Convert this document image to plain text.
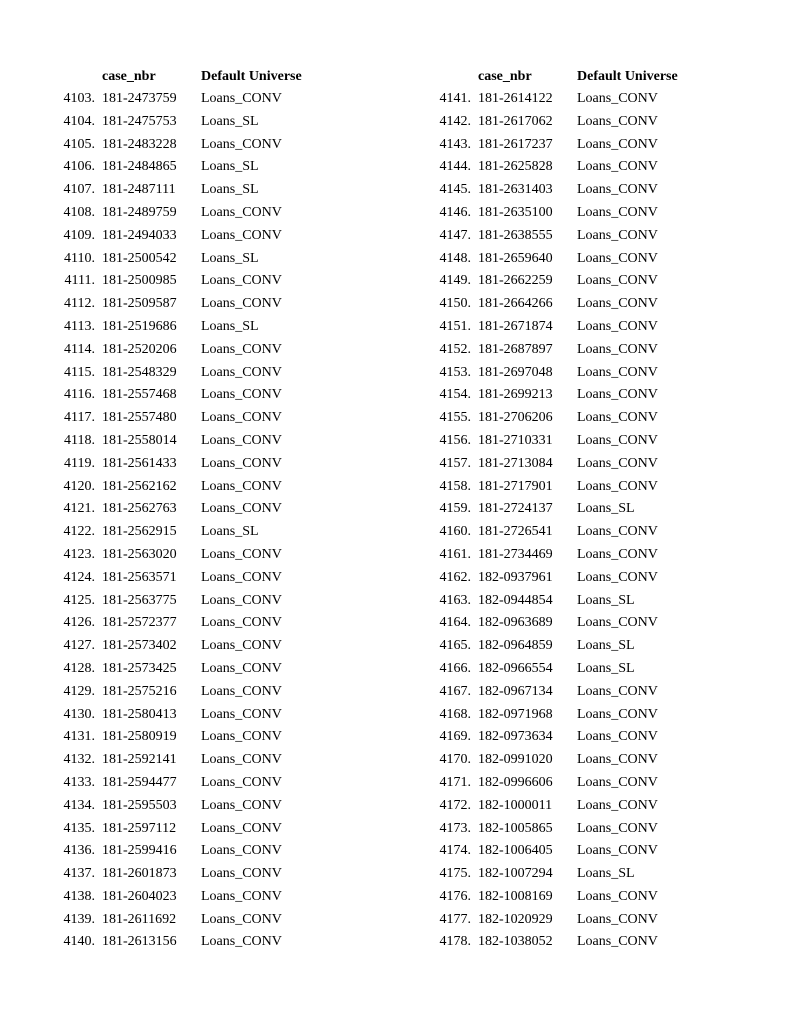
case_nbr	Default Universe
4103. 181-2473759 Loans_CONV
4104. 181-2475753 Loans_SL
4105. 181-2483228 Loans_CONV
4106. 181-2484865 Loans_SL
4107. 181-2487111 Loans_SL
4108. 181-2489759 Loans_CONV
4109. 181-2494033 Loans_CONV
4110. 181-2500542 Loans_SL
4111. 181-2500985 Loans_CONV
4112. 181-2509587 Loans_CONV
4113. 181-2519686 Loans_SL
4114. 181-2520206 Loans_CONV
4115. 181-2548329 Loans_CONV
4116. 181-2557468 Loans_CONV
4117. 181-2557480 Loans_CONV
4118. 181-2558014 Loans_CONV
4119. 181-2561433 Loans_CONV
4120. 181-2562162 Loans_CONV
4121. 181-2562763 Loans_CONV
4122. 181-2562915 Loans_SL
4123. 181-2563020 Loans_CONV
4124. 181-2563571 Loans_CONV
4125. 181-2563775 Loans_CONV
4126. 181-2572377 Loans_CONV
4127. 181-2573402 Loans_CONV
4128. 181-2573425 Loans_CONV
4129. 181-2575216 Loans_CONV
4130. 181-2580413 Loans_CONV
4131. 181-2580919 Loans_CONV
4132. 181-2592141 Loans_CONV
4133. 181-2594477 Loans_CONV
4134. 181-2595503 Loans_CONV
4135. 181-2597112 Loans_CONV
4136. 181-2599416 Loans_CONV
4137. 181-2601873 Loans_CONV
4138. 181-2604023 Loans_CONV
4139. 181-2611692 Loans_CONV
4140. 181-2613156 Loans_CONV
case_nbr	Default Universe
4141. 181-2614122 Loans_CONV
4142. 181-2617062 Loans_CONV
4143. 181-2617237 Loans_CONV
4144. 181-2625828 Loans_CONV
4145. 181-2631403 Loans_CONV
4146. 181-2635100 Loans_CONV
4147. 181-2638555 Loans_CONV
4148. 181-2659640 Loans_CONV
4149. 181-2662259 Loans_CONV
4150. 181-2664266 Loans_CONV
4151. 181-2671874 Loans_CONV
4152. 181-2687897 Loans_CONV
4153. 181-2697048 Loans_CONV
4154. 181-2699213 Loans_CONV
4155. 181-2706206 Loans_CONV
4156. 181-2710331 Loans_CONV
4157. 181-2713084 Loans_CONV
4158. 181-2717901 Loans_CONV
4159. 181-2724137 Loans_SL
4160. 181-2726541 Loans_CONV
4161. 181-2734469 Loans_CONV
4162. 182-0937961 Loans_CONV
4163. 182-0944854 Loans_SL
4164. 182-0963689 Loans_CONV
4165. 182-0964859 Loans_SL
4166. 182-0966554 Loans_SL
4167. 182-0967134 Loans_CONV
4168. 182-0971968 Loans_CONV
4169. 182-0973634 Loans_CONV
4170. 182-0991020 Loans_CONV
4171. 182-0996606 Loans_CONV
4172. 182-1000011 Loans_CONV
4173. 182-1005865 Loans_CONV
4174. 182-1006405 Loans_CONV
4175. 182-1007294 Loans_SL
4176. 182-1008169 Loans_CONV
4177. 182-1020929 Loans_CONV
4178. 182-1038052 Loans_CONV
